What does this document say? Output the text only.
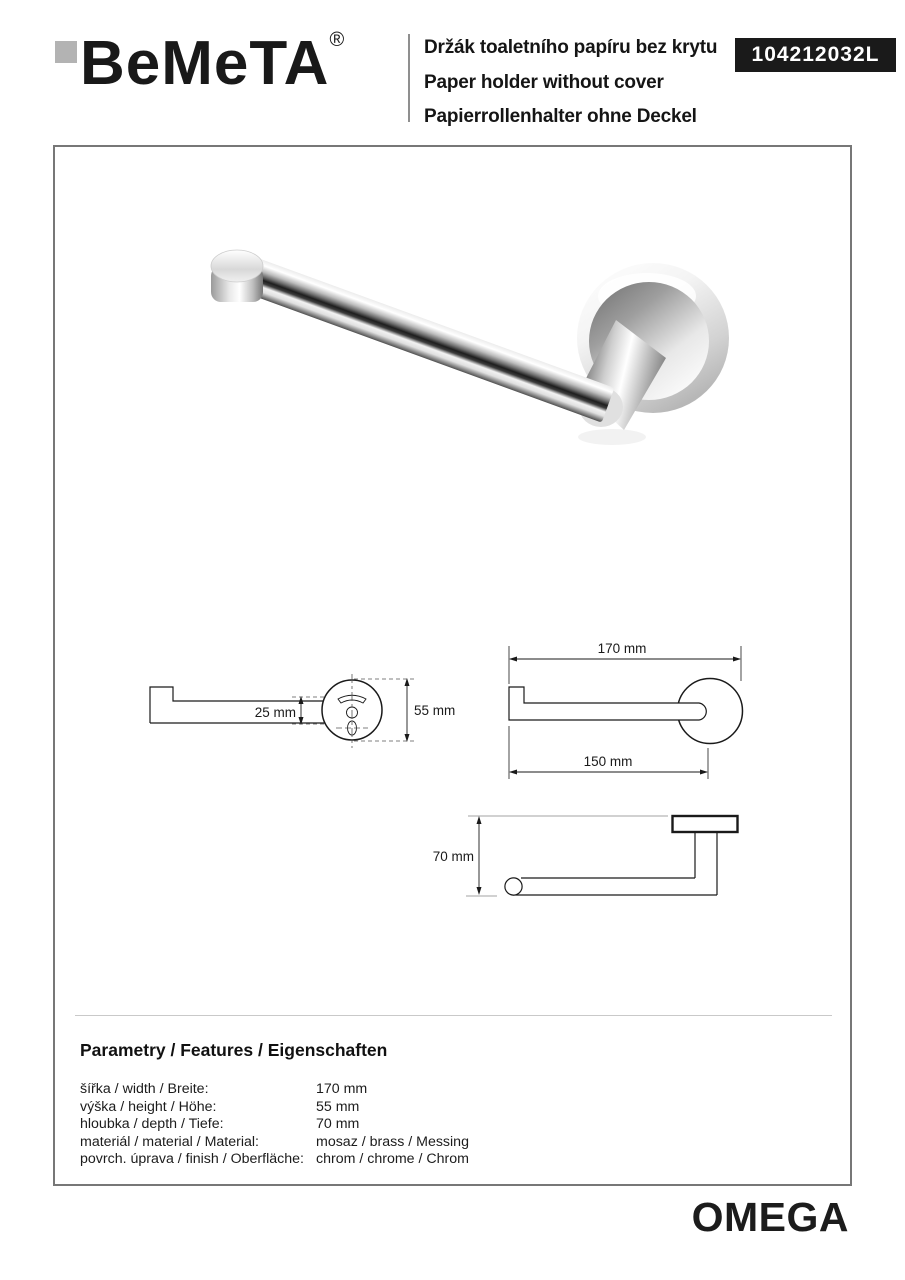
BeMeTA®	Držák toaletního papíru bez krytu
Paper holder without cover
Papierrollenhalter ohne Deckel
104212032L
25 mm	55 mm
170 mm
150 mm
70 mm
Parametry / Features / Eigenschaften
šířka / width / Breite:	170 mm
výška / height / Höhe:	55 mm
hloubka / depth / Tiefe:	70 mm
materiál / material / Material:	mosaz / brass / Messing
povrch. úprava / finish / Oberfläche: chrom / chrome / Chrom
OMEGA
